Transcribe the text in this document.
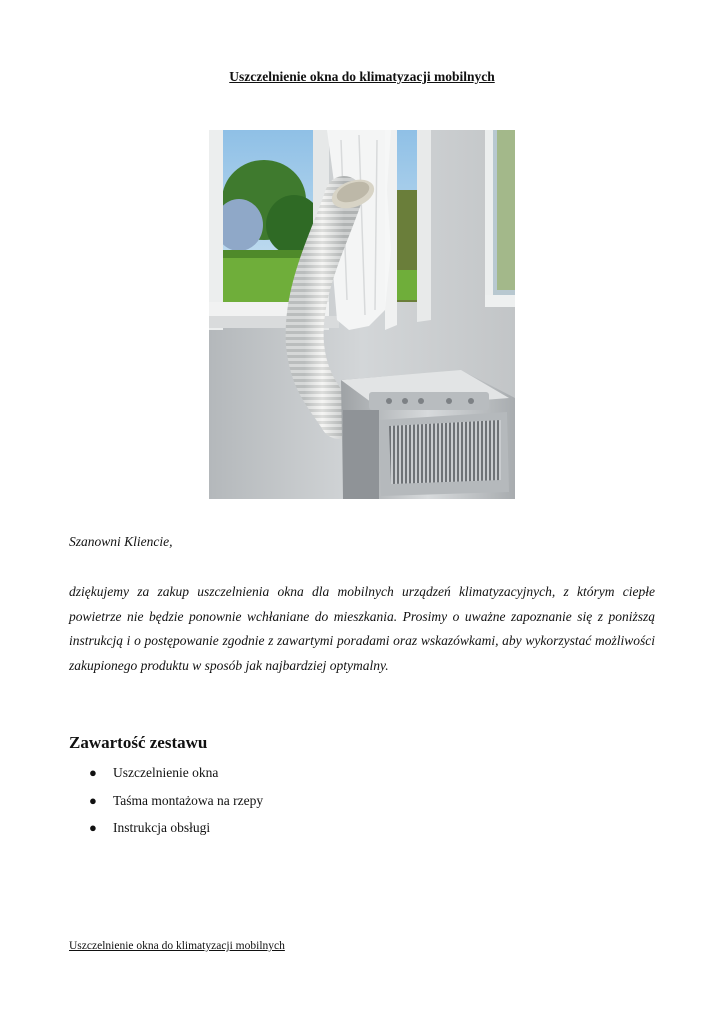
Uszczelnienie okna do klimatyzacji mobilnych
Szanowni Kliencie,

dziękujemy za zakup uszczelnienia okna dla mobilnych urządzeń klimatyzacyjnych, z którym ciepłe powietrze nie będzie ponownie wchłaniane do mieszkania. Prosimy o uważne zapoznanie się z poniższą instrukcją i o postępowanie zgodnie z zawartymi poradami oraz wskazówkami, aby wykorzystać możliwości zakupionego produktu w sposób jak najbardziej optymalny.

Zawartość zestawu
● Uszczelnienie okna
● Taśma montażowa na rzepy
● Instrukcja obsługi
Uszczelnienie okna do klimatyzacji mobilnych
